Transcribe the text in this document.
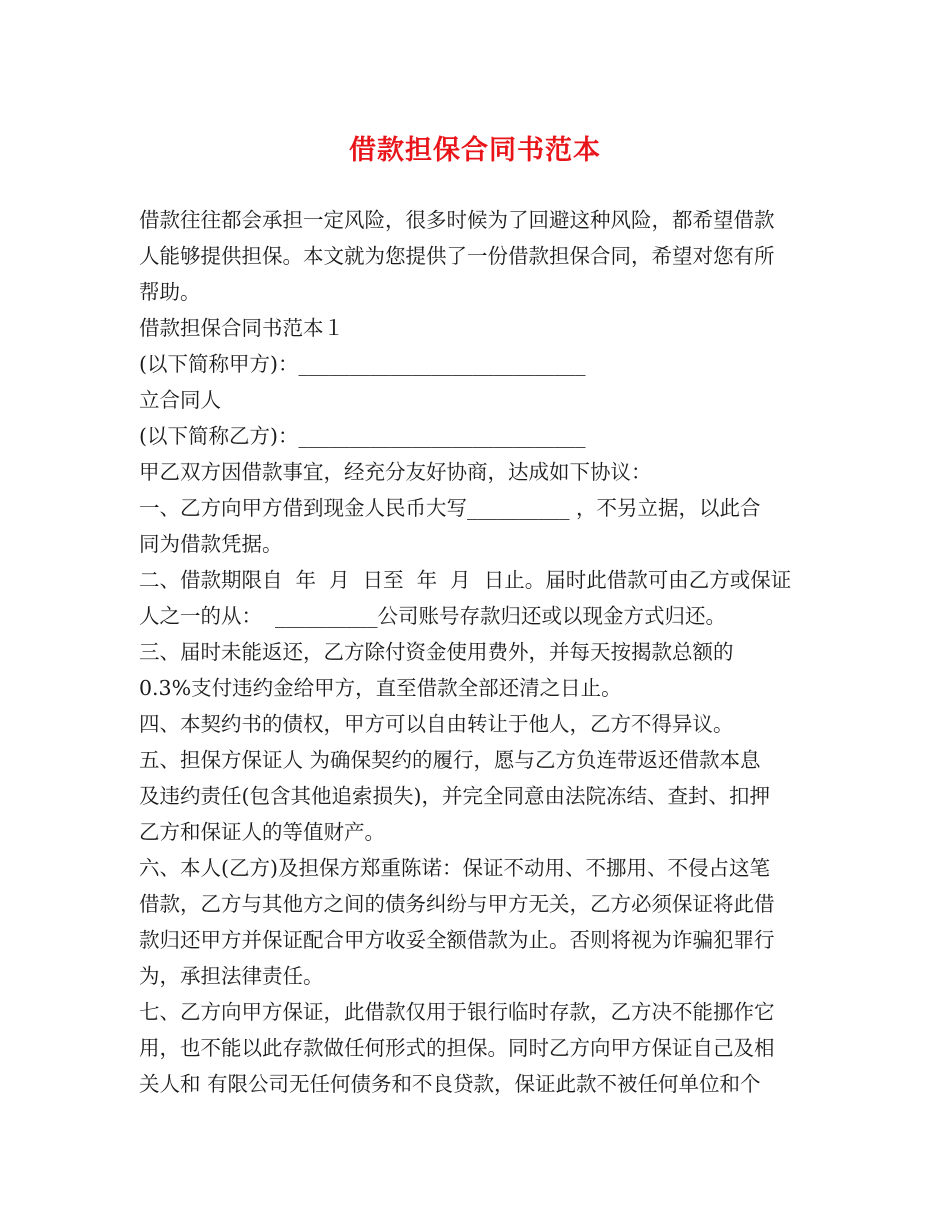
借款担保合同书范本
借款往往都会承担一定风险，很多时候为了回避这种风险，都希望借款
人能够提供担保。本文就为您提供了一份借款担保合同，希望对您有所
帮助。
借款担保合同书范本１
(以下简称甲方)：____________________________
立合同人
(以下简称乙方)：____________________________
甲乙双方因借款事宜，经充分友好协商，达成如下协议：
一、乙方向甲方借到现金人民币大写__________ ，不另立据，以此合
同为借款凭据。
二、借款期限自  年  月  日至  年  月  日止。届时此借款可由乙方或保证
人之一的从：  __________公司账号存款归还或以现金方式归还。
三、届时未能返还，乙方除付资金使用费外，并每天按揭款总额的
0.3%支付违约金给甲方，直至借款全部还清之日止。
四、本契约书的债权，甲方可以自由转让于他人，乙方不得异议。
五、担保方保证人 为确保契约的履行，愿与乙方负连带返还借款本息
及违约责任(包含其他追索损失)，并完全同意由法院冻结、查封、扣押
乙方和保证人的等值财产。
六、本人(乙方)及担保方郑重陈诺：保证不动用、不挪用、不侵占这笔
借款，乙方与其他方之间的债务纠纷与甲方无关，乙方必须保证将此借
款归还甲方并保证配合甲方收妥全额借款为止。否则将视为诈骗犯罪行
为，承担法律责任。
七、乙方向甲方保证，此借款仅用于银行临时存款，乙方决不能挪作它
用，也不能以此存款做任何形式的担保。同时乙方向甲方保证自己及相
关人和 有限公司无任何债务和不良贷款，保证此款不被任何单位和个
